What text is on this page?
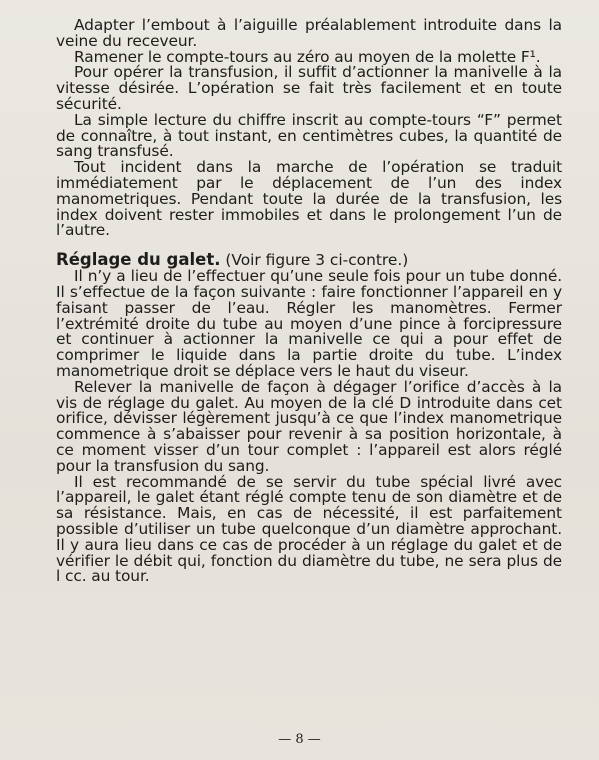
Adapter l’embout à l’aiguille préalablement introduite dans la veine du receveur.

Ramener le compte-tours au zéro au moyen de la molette F¹.

Pour opérer la transfusion, il suffit d’actionner la manivelle à la vitesse désirée. L’opération se fait très facilement et en toute sécurité.

La simple lecture du chiffre inscrit au compte-tours “F” permet de connaître, à tout instant, en centimètres cubes, la quantité de sang transfusé.

Tout incident dans la marche de l’opération se traduit immédiatement par le déplacement de l’un des index manometriques. Pendant toute la durée de la transfusion, les index doivent rester immobiles et dans le prolongement l’un de l’autre.

Réglage du galet. (Voir figure 3 ci-contre.)

Il n’y a lieu de l’effectuer qu’une seule fois pour un tube donné. Il s’effectue de la façon suivante : faire fonctionner l’appareil en y faisant passer de l’eau. Régler les manomètres. Fermer l’extrémité droite du tube au moyen d’une pince à forcipressure et continuer à actionner la manivelle ce qui a pour effet de comprimer le liquide dans la partie droite du tube. L’index manometrique droit se déplace vers le haut du viseur.

Relever la manivelle de façon à dégager l’orifice d’accès à la vis de réglage du galet. Au moyen de la clé D introduite dans cet orifice, dévisser légèrement jusqu’à ce que l’index manometrique commence à s’abaisser pour revenir à sa position horizontale, à ce moment visser d’un tour complet : l’appareil est alors réglé pour la transfusion du sang.

Il est recommandé de se servir du tube spécial livré avec l’appareil, le galet étant réglé compte tenu de son diamètre et de sa résistance. Mais, en cas de nécessité, il est parfaitement possible d’utiliser un tube quelconque d’un diamètre approchant. Il y aura lieu dans ce cas de procéder à un réglage du galet et de vérifier le débit qui, fonction du diamètre du tube, ne sera plus de l cc. au tour.

— 8 —
